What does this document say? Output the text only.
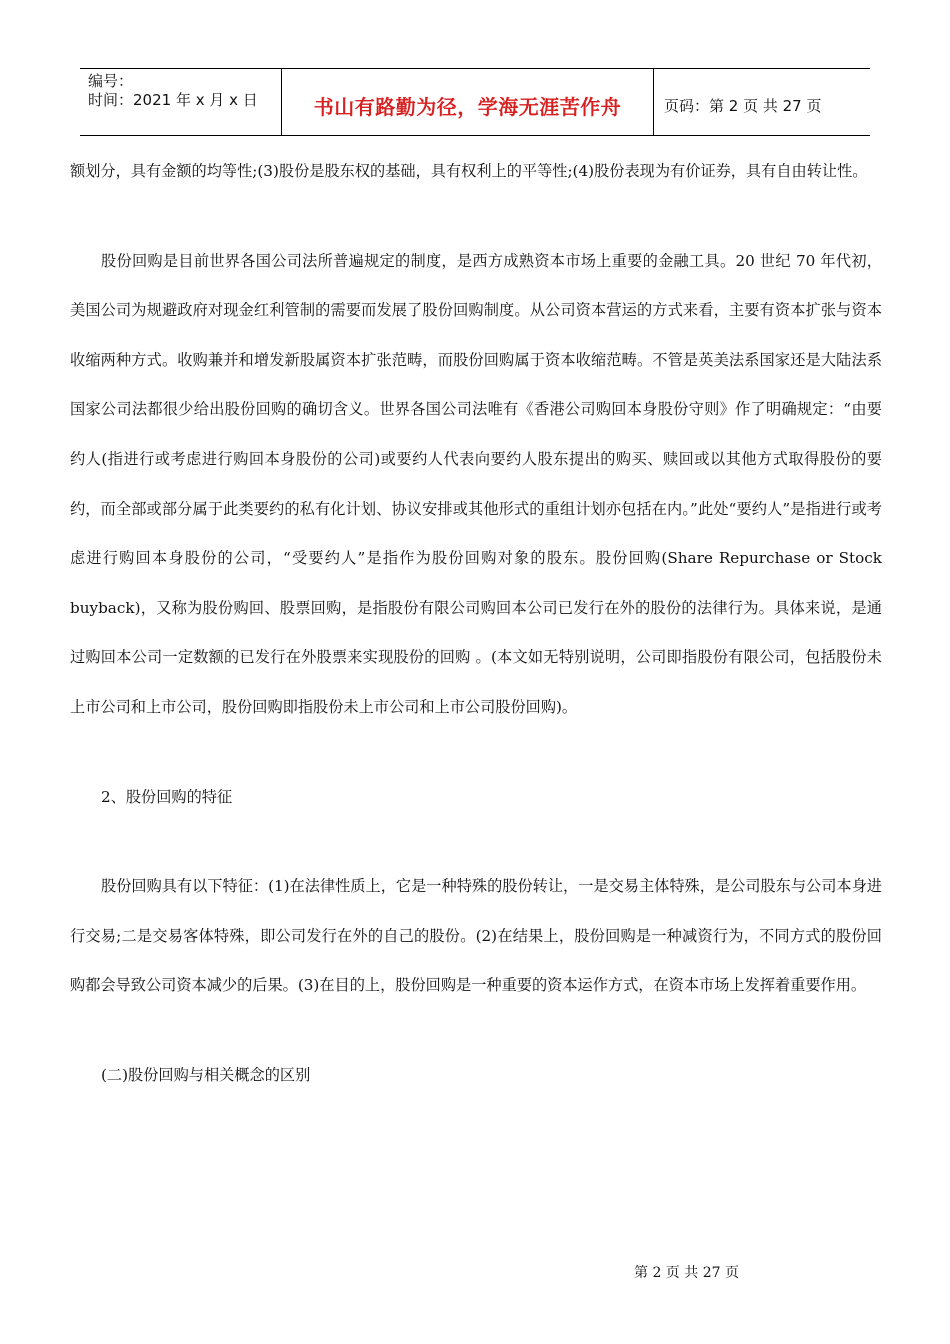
编号：
时间：2021 年 x 月 x 日	书山有路勤为径，学海无涯苦作舟	页码：第 2 页 共 27 页

额划分，具有金额的均等性;(3)股份是股东权的基础，具有权利上的平等性;(4)股份表现为有价证券，具有自由转让性。

股份回购是目前世界各国公司法所普遍规定的制度，是西方成熟资本市场上重要的金融工具。20 世纪 70 年代初，美国公司为规避政府对现金红利管制的需要而发展了股份回购制度。从公司资本营运的方式来看，主要有资本扩张与资本收缩两种方式。收购兼并和增发新股属资本扩张范畴，而股份回购属于资本收缩范畴。不管是英美法系国家还是大陆法系国家公司法都很少给出股份回购的确切含义。世界各国公司法唯有《香港公司购回本身股份守则》作了明确规定：“由要约人(指进行或考虑进行购回本身股份的公司)或要约人代表向要约人股东提出的购买、赎回或以其他方式取得股份的要约，而全部或部分属于此类要约的私有化计划、协议安排或其他形式的重组计划亦包括在内。”此处“要约人”是指进行或考虑进行购回本身股份的公司，“受要约人”是指作为股份回购对象的股东。股份回购(Share Repurchase or Stock buyback)，又称为股份购回、股票回购，是指股份有限公司购回本公司已发行在外的股份的法律行为。具体来说，是通过购回本公司一定数额的已发行在外股票来实现股份的回购 。(本文如无特别说明，公司即指股份有限公司，包括股份未上市公司和上市公司，股份回购即指股份未上市公司和上市公司股份回购)。

2、股份回购的特征

股份回购具有以下特征：(1)在法律性质上，它是一种特殊的股份转让，一是交易主体特殊，是公司股东与公司本身进行交易;二是交易客体特殊，即公司发行在外的自己的股份。(2)在结果上，股份回购是一种减资行为，不同方式的股份回购都会导致公司资本减少的后果。(3)在目的上，股份回购是一种重要的资本运作方式，在资本市场上发挥着重要作用。

(二)股份回购与相关概念的区别

第 2 页 共 27 页
